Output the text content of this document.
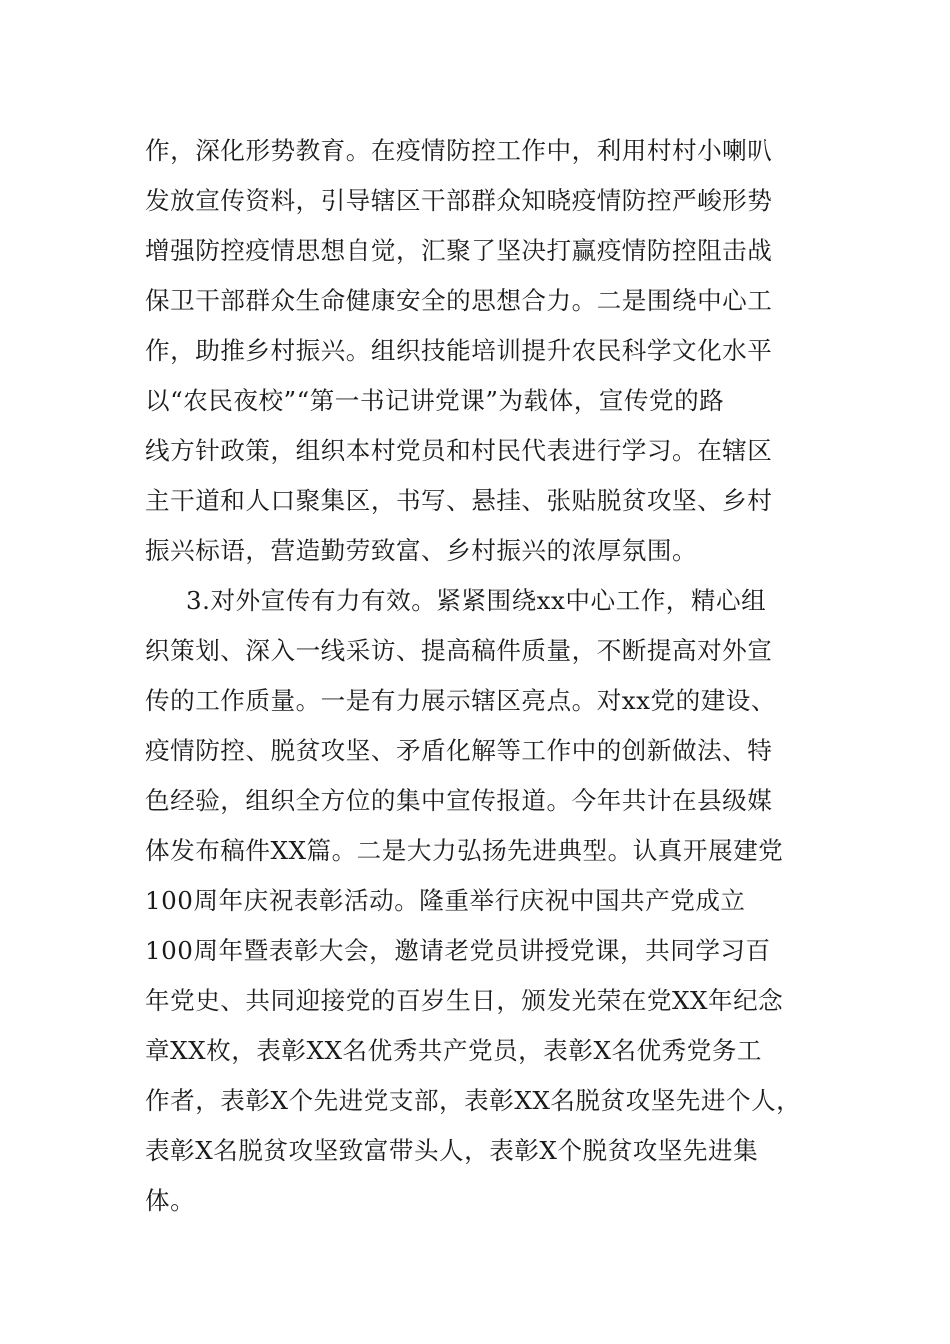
作，深化形势教育。在疫情防控工作中，利用村村小喇叭
发放宣传资料，引导辖区干部群众知晓疫情防控严峻形势
增强防控疫情思想自觉，汇聚了坚决打赢疫情防控阻击战
保卫干部群众生命健康安全的思想合力。二是围绕中心工
作，助推乡村振兴。组织技能培训提升农民科学文化水平
以“农民夜校”“第一书记讲党课”为载体，宣传党的路
线方针政策，组织本村党员和村民代表进行学习。在辖区
主干道和人口聚集区，书写、悬挂、张贴脱贫攻坚、乡村
振兴标语，营造勤劳致富、乡村振兴的浓厚氛围。
3.对外宣传有力有效。紧紧围绕xx中心工作，精心组
织策划、深入一线采访、提高稿件质量，不断提高对外宣
传的工作质量。一是有力展示辖区亮点。对xx党的建设、
疫情防控、脱贫攻坚、矛盾化解等工作中的创新做法、特
色经验，组织全方位的集中宣传报道。今年共计在县级媒
体发布稿件XX篇。二是大力弘扬先进典型。认真开展建党
100周年庆祝表彰活动。隆重举行庆祝中国共产党成立
100周年暨表彰大会，邀请老党员讲授党课，共同学习百
年党史、共同迎接党的百岁生日，颁发光荣在党XX年纪念
章XX枚，表彰XX名优秀共产党员，表彰X名优秀党务工
作者，表彰X个先进党支部，表彰XX名脱贫攻坚先进个人，
表彰X名脱贫攻坚致富带头人，表彰X个脱贫攻坚先进集
体。
